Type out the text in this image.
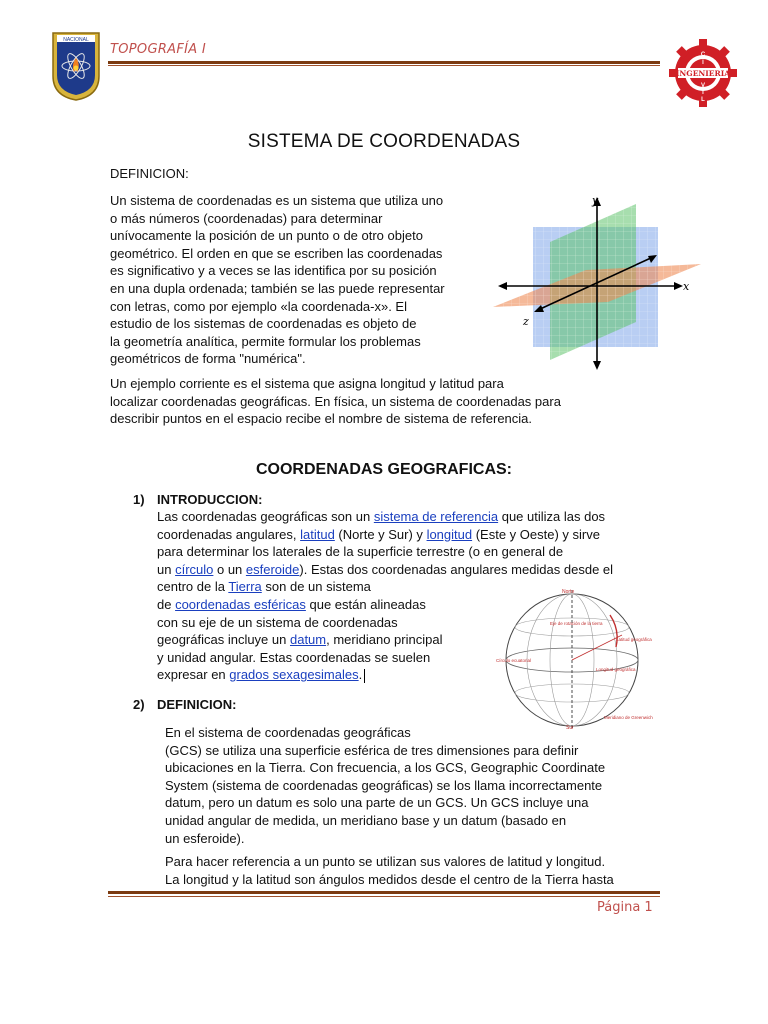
NACIONAL
INGENIERIA
C
I
V
I
L
TOPOGRAFÍA I
SISTEMA DE COORDENADAS
DEFINICION:
Un sistema de coordenadas es un sistema que utiliza uno
o más números (coordenadas) para determinar
unívocamente la posición de un punto o de otro objeto
geométrico. El orden en que se escriben las coordenadas
es significativo y a veces se las identifica por su posición
en una dupla ordenada; también se las puede representar
con letras, como por ejemplo «la coordenada-x». El
estudio de los sistemas de coordenadas es objeto de
la geometría analítica, permite formular los problemas
geométricos de forma "numérica".
y
x
z
Un ejemplo corriente es el sistema que asigna longitud y latitud para
localizar coordenadas geográficas. En física, un sistema de coordenadas para
describir puntos en el espacio recibe el nombre de sistema de referencia.
COORDENADAS GEOGRAFICAS:
1) INTRODUCCION:
Las coordenadas geográficas son un sistema de referencia que utiliza las dos
coordenadas angulares, latitud (Norte y Sur) y longitud (Este y Oeste) y sirve
para determinar los laterales de la superficie terrestre (o en general de
un círculo o un esferoide). Estas dos coordenadas angulares medidas desde el
centro de la Tierra son de un sistema
de coordenadas esféricas que están alineadas
con su eje de un sistema de coordenadas
geográficas incluye un datum, meridiano principal
y unidad angular. Estas coordenadas se suelen
expresar en grados sexagesimales.
Norte
Sur
Eje de rotación de la tierra
Latitud geográfica
Círculo ecuatorial
Longitud geográfica
Meridiano de Greenwich
2) DEFINICION:
En el sistema de coordenadas geográficas
(GCS) se utiliza una superficie esférica de tres dimensiones para definir
ubicaciones en la Tierra. Con frecuencia, a los GCS, Geographic Coordinate
System (sistema de coordenadas geográficas) se los llama incorrectamente
datum, pero un datum es solo una parte de un GCS. Un GCS incluye una
unidad angular de medida, un meridiano base y un datum (basado en
un esferoide).
Para hacer referencia a un punto se utilizan sus valores de latitud y longitud.
La longitud y la latitud son ángulos medidos desde el centro de la Tierra hasta
Página 1
